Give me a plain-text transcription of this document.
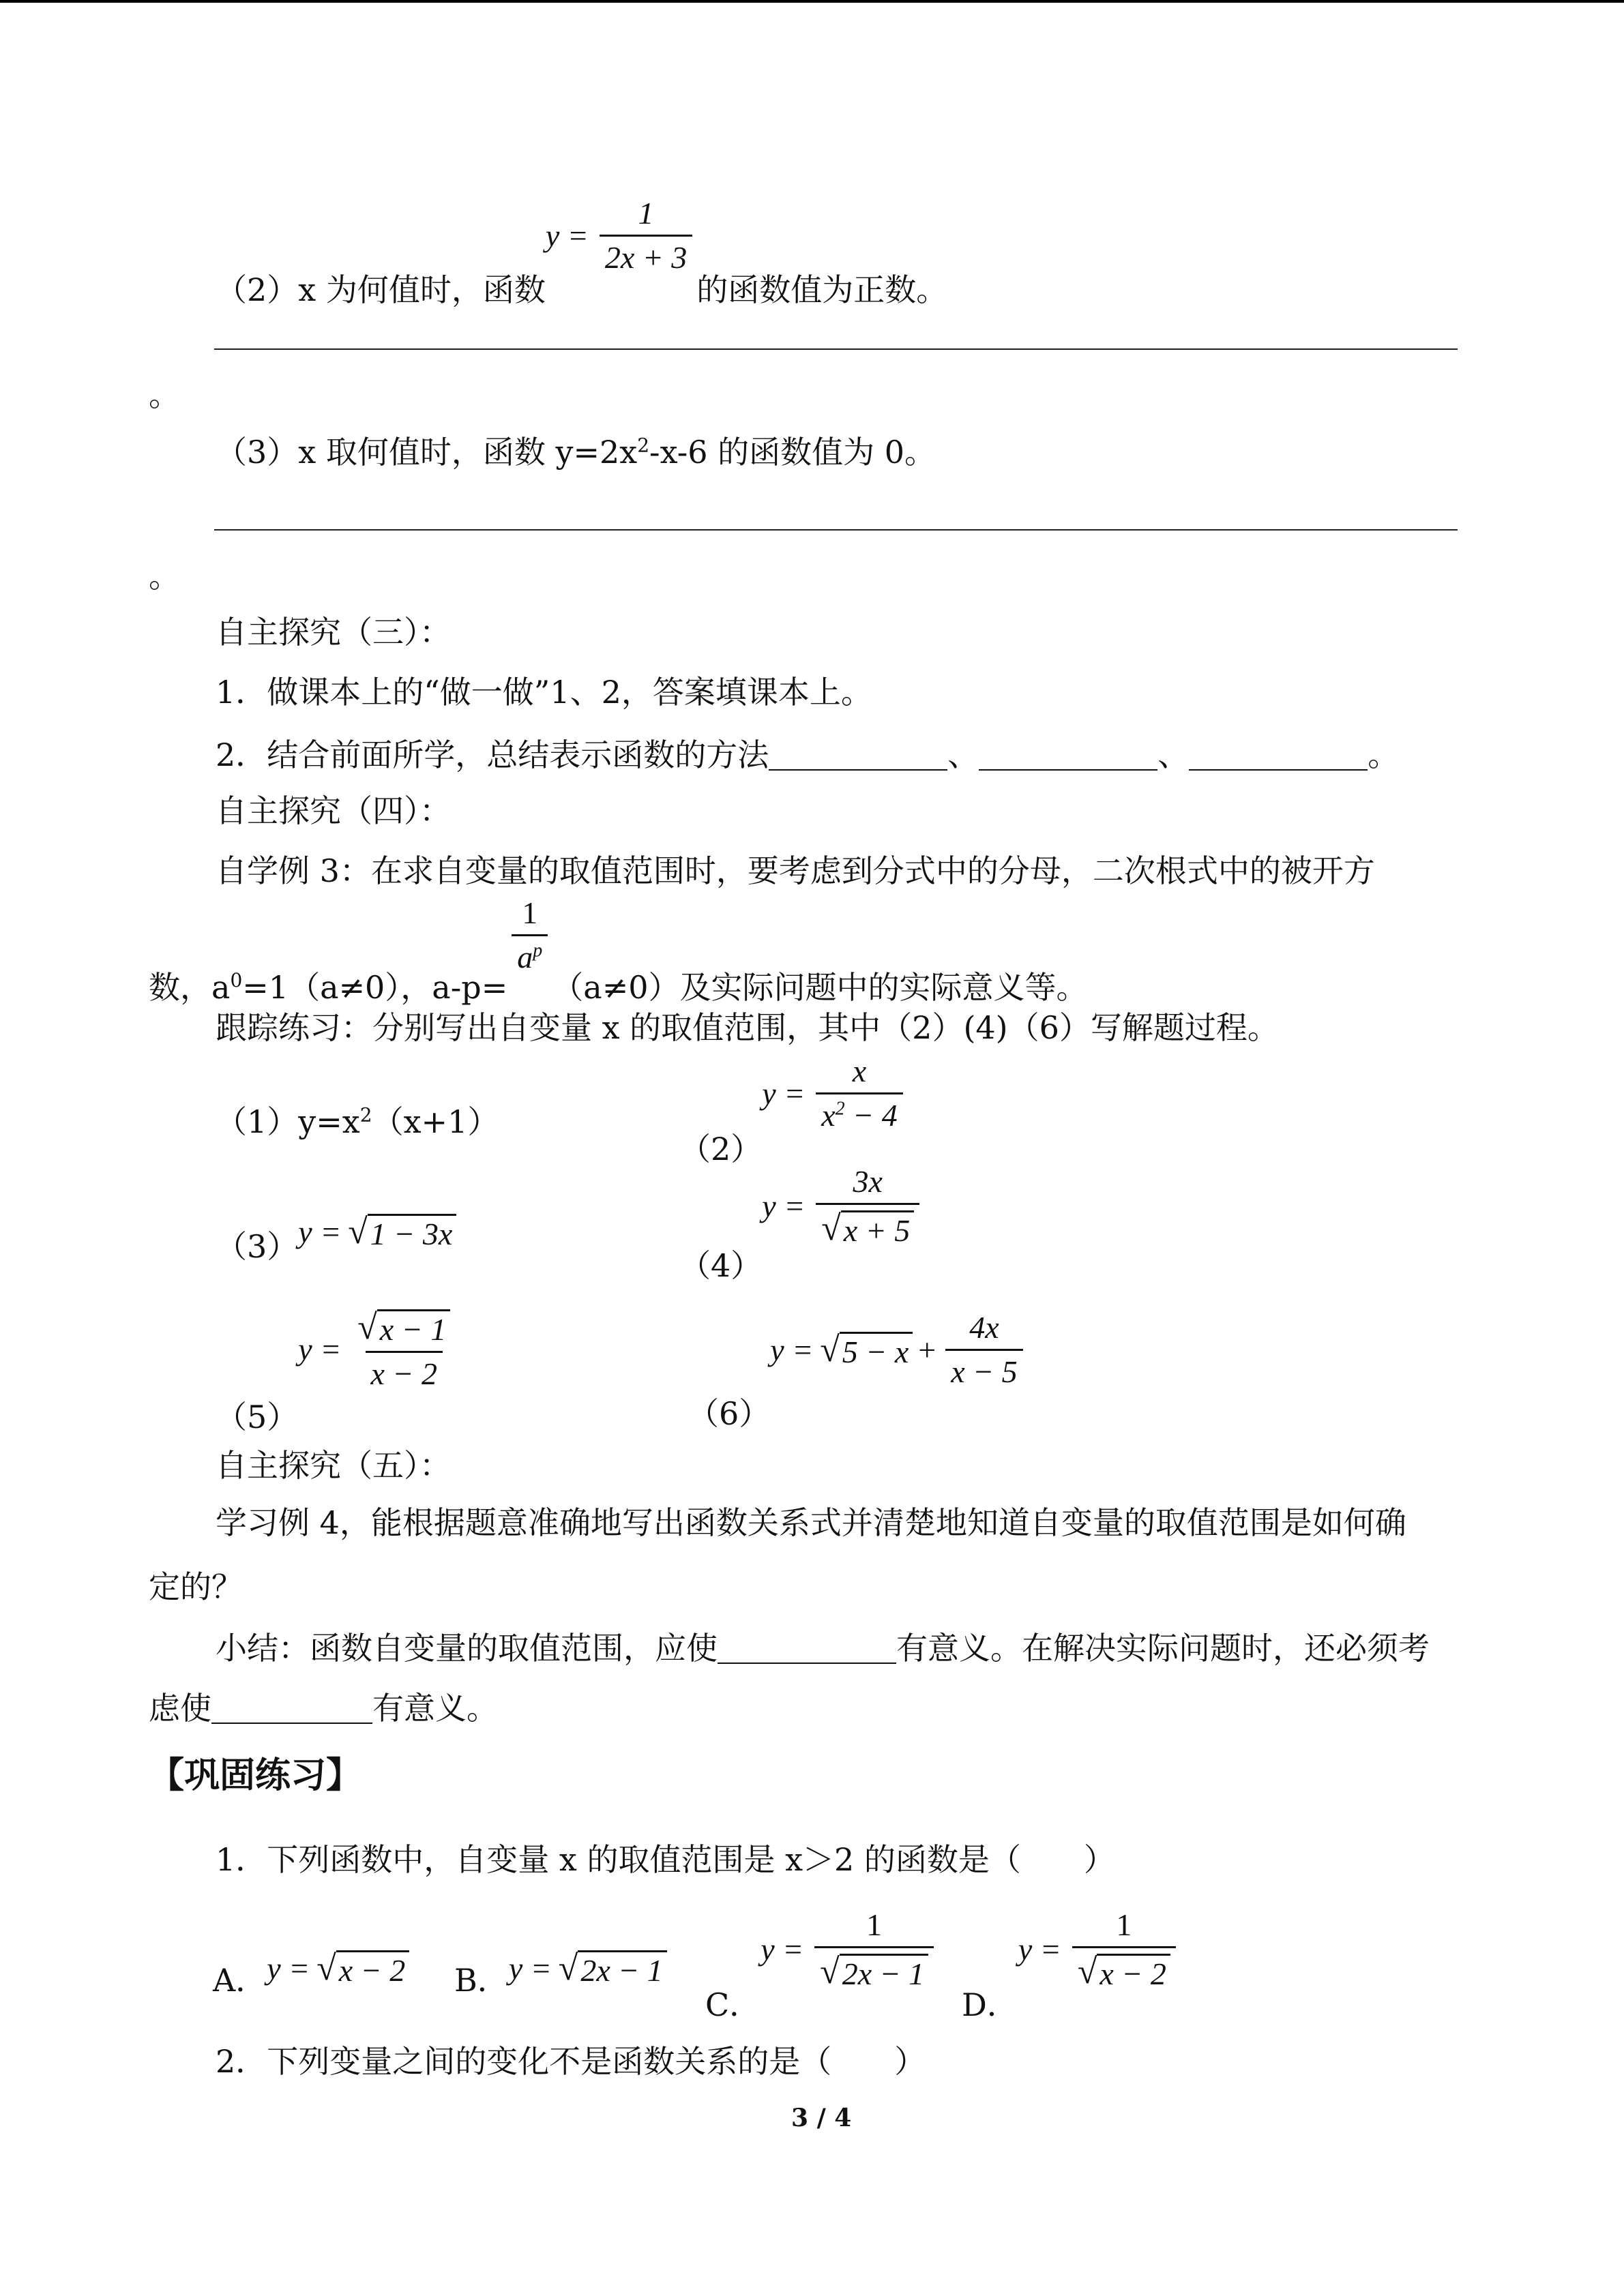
（2）x 为何值时，函数
$y = \frac{1}{2x + 3}$
的函数值为正数。
。
（3）x 取何值时，函数 $y=2x^2-x-6$ 的函数值为 0。
。
自主探究（三）：
1．做课本上的“做一做”1、2，答案填课本上。
2．结合前面所学，总结表示函数的方法	、	、	。
自主探究（四）：
自学例 3：在求自变量的取值范围时，要考虑到分式中的分母，二次根式中的被开方
数，$a^0=1(a\ne 0)$，a-p=
$\frac{1}{a^p}$
（a≠0）及实际问题中的实际意义等。
跟踪练习：分别写出自变量 x 的取值范围，其中（2）(4)（6）写解题过程。
$(1)y=x^2(x+1)$
（2）
$y = \frac{x}{x^2 - 4}$
（3） y = √ 1 − 3x
（4）
$y = \frac{3x}{√ x + 5}$
（5）
$y = \frac{√ x - 1}{x - 2}$
（6）
y = √ $5 - x + \frac{4x}{x - 5}$
自主探究（五）：
学习例 4，能根据题意准确地写出函数关系式并清楚地知道自变量的取值范围是如何确
定的？
小结：函数自变量的取值范围，应使	有意义。在解决实际问题时，还必须考
虑使	有意义。
【巩固练习】
1．下列函数中，自变量 x 的取值范围是 x＞2 的函数是（　　）
A． y = √ x − 2 B． y = √ 2x − 1
C．
$y = \frac{1}{√ 2x - 1}$
D．
$y = \frac{1}{√ x - 2}$
2．下列变量之间的变化不是函数关系的是（　　）
3 / 4
